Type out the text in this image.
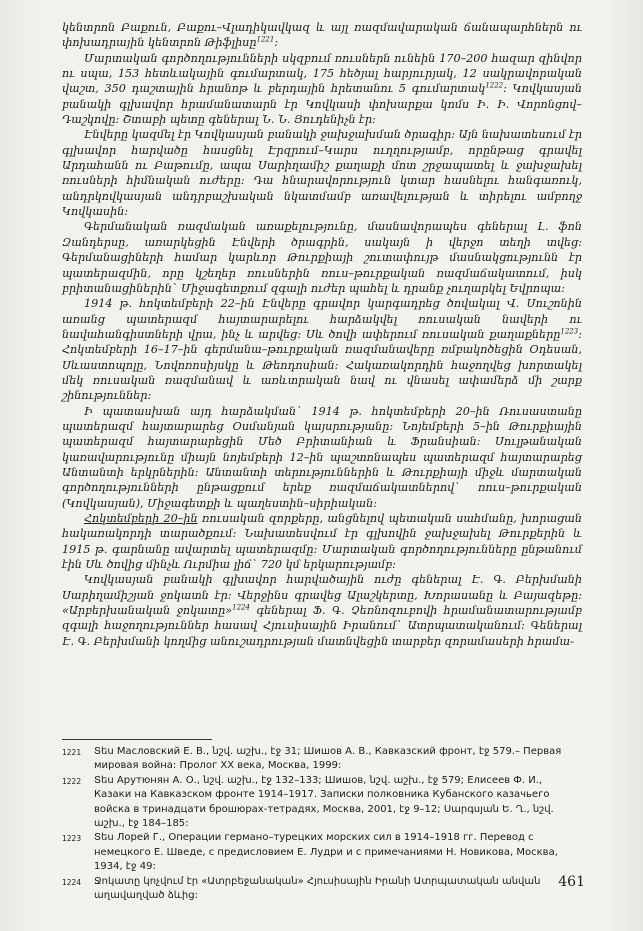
կենտրոն Բաքուն, Բաքու–Վլադիկավկազ և այլ ռազմավարական ճանապարհներն ու փոխադրային կենտրոն Թիֆլիսը$^{1221}$:

Մարտական գործողությունների սկզբում ռուսներն ունեին 170–200 հազար զինվոր ու սպա, 153 հետևակային գումարտակ, 175 հեծյալ հարյուրյակ, 12 սակրավորական վաշտ, 350 դաշտային հրանոթ և բերդային հրետանու 5 գումարտակ$^{1222}$: Կովկասյան բանակի գլխավոր հրամանատարն էր Կովկասի փոխարքա կոմս Ի. Ի. Վորոնցով–Դաշկովը: Շտաբի պետը գեներալ Ն. Ն. Յուդենիչն էր:

Էնվերը կազմել էր Կովկասյան բանակի ջախջախման ծրագիր: Այն նախատեսում էր գլխավոր հարվածը հասցնել Էրզրում–Կարս ուղղությամբ, որընթաց գրավել Արդահանն ու Բաթումը, ապա Սարիղամիշ քաղաքի մոտ շրջապատել և ջախջախել ռուսների հիմնական ուժերը: Դա հնարավորություն կտար հասնելու հանգառուկ, անդրկովկասյան անդրբաշխական նկատմամբ առավելության և տիրելու ամբողջ Կովկասին:

Գերմանական ռազմական առաքելությունը, մասնավորապես գեներալ Լ. ֆոն Զանդերսը, առարկեցին Էնվերի ծրագրին, սակայն ի վերջո տեղի տվեց: Գերմանացիների համար կարևոր Թուրքիայի շուտափույթ մասնակցությունն էր պատերազմին, որը կշեղեր ռուսներին ռուս–թուրքական ռազմաճակատում, իսկ բրիտանացիներին` Միջագետքում զգալի ուժեր պահել և դրանք չուղարկել Եվրոպա:

1914 թ. հոկտեմբերի 22–ին Էնվերը գրավոր կարգադրեց ծովակալ Վ. Սուշոնին առանց պատերազմ հայտարարելու հարձակվել ռուսական նավերի ու նավահանգիստների վրա, ինչ և արվեց: Սև ծովի ափերում ռուսական քաղաքները$^{1223}$: Հոկտեմբերի 16–17–ին գերմանա–թուրքական ռազմանավերը ռմբակոծեցին Օդեսան, Սևաստոպոլը, Նովոռոսիյսկը և Թեոդոսիան: Հակառակորդին հաջողվեց խորտակել մեկ ռուսական ռազմանավ և առևտրական նավ ու վնասել ափամերձ մի շարք շինություններ:

Ի պատասխան այդ հարձակման` 1914 թ. հոկտեմբերի 20–ին Ռուսաստանը պատերազմ հայտարարեց Օսմանյան կայսրությանը: Նոյեմբերի 5–ին Թուրքիային պատերազմ հայտարարեցին Մեծ Բրիտանիան և Ֆրանսիան: Սուլթանական կառավարությունը միայն նոյեմբերի 12–ին պաշտոնապես պատերազմ հայտարարեց Անտանտի երկրներին: Անտանտի տերություններին և Թուրքիայի միջև մարտական գործողությունների ընթացքում երեք ռազմաճակատներով` ռուս–թուրքական (Կովկասյան), Միջագետքի և պաղեստին–սիրիական:

Հոկտեմբերի 20–ին ռուսական զորքերը, անցնելով պետական սահմանը, խորացան հակառակորդի տարածքում: Նախատեսվում էր գլխովին ջախջախել Թուրքերին և 1915 թ. գարնանը ավարտել պատերազմը: Մարտական գործողությունները ընթանում էին Սև ծովից մինչև Ուրմիա լիճ` 720 կմ երկարությամբ:

Կովկասյան բանակի գլխավոր հարվածային ուժը գեներալ Է. Գ. Բերխմանի Սարիղամիշյան ջոկատն էր: Վերջինս գրավեց Ալաշկերտը, Խորասանը և Բայազեթը: «Արբերխանական ջոկատը»$^{1224}$ գեներալ Ֆ. Գ. Չեռնոզուբովի հրամանատարությամբ զգալի հաջողություններ հասավ Հյուսիսային Իրանում` Ատրպատականում: Գեներալ Է. Գ. Բերխմանի կողմից անուշադրության մատնվեցին տարբեր զորամասերի հրամա-

1221	Տես Масловский Е. В., նշվ. աշխ., էջ 31; Шишов А. В., Кавказский фронт, էջ 579.– Первая мировая война: Пролог XX века, Москва, 1999:
1222	Տես Арутюнян А. О., նշվ. աշխ., էջ 132–133; Шишов, նշվ. աշխ., էջ 579; Елисеев Ф. И., Казаки на Кавказском фронте 1914–1917. Записки полковника Кубанского казачьего войска в тринадцати брошюрах-тетрадях, Москва, 2001, էջ 9–12; Սարգսյան Ե. Ղ., նշվ. աշխ., էջ 184–185:
1223	Տես Лорей Г., Операции германо–турецких морских сил в 1914–1918 гг. Перевод с немецкого Е. Шведе, с предисловием Е. Лудри и с примечаниями Н. Новикова, Москва, 1934, էջ 49:
1224	Ջոկատը կոչվում էր «Ատրբեջանական» Հյուսիսային Իրանի Ատրպատական անվան աղավաղված ձևից:
461
